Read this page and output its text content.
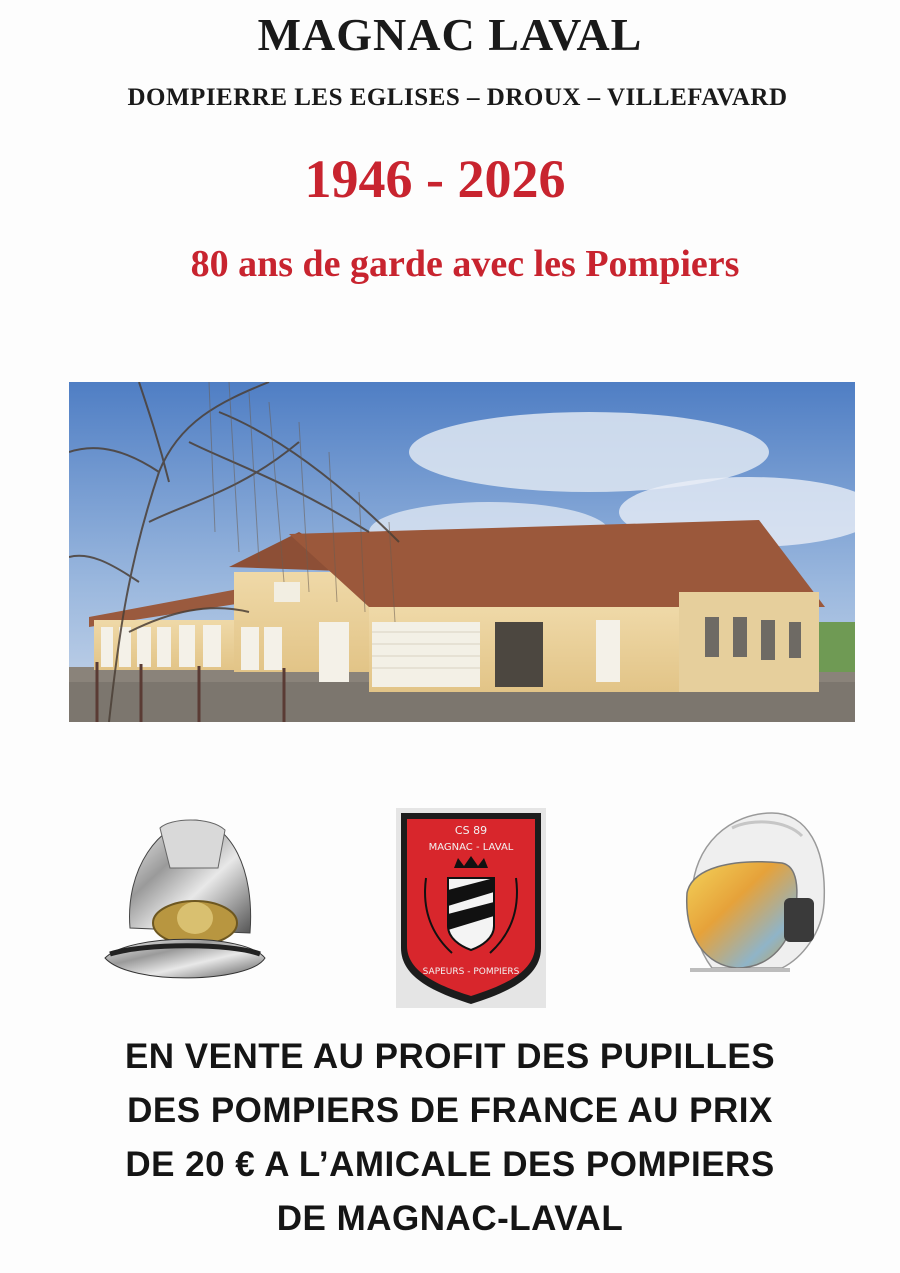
MAGNAC LAVAL
DOMPIERRE LES EGLISES – DROUX – VILLEFAVARD
1946 - 2026
80 ans de garde avec les Pompiers
CS 89
MAGNAC - LAVAL
SAPEURS - POMPIERS
EN VENTE AU PROFIT DES PUPILLES
DES POMPIERS DE FRANCE AU PRIX
DE 20 € A L’AMICALE DES POMPIERS
DE MAGNAC-LAVAL
